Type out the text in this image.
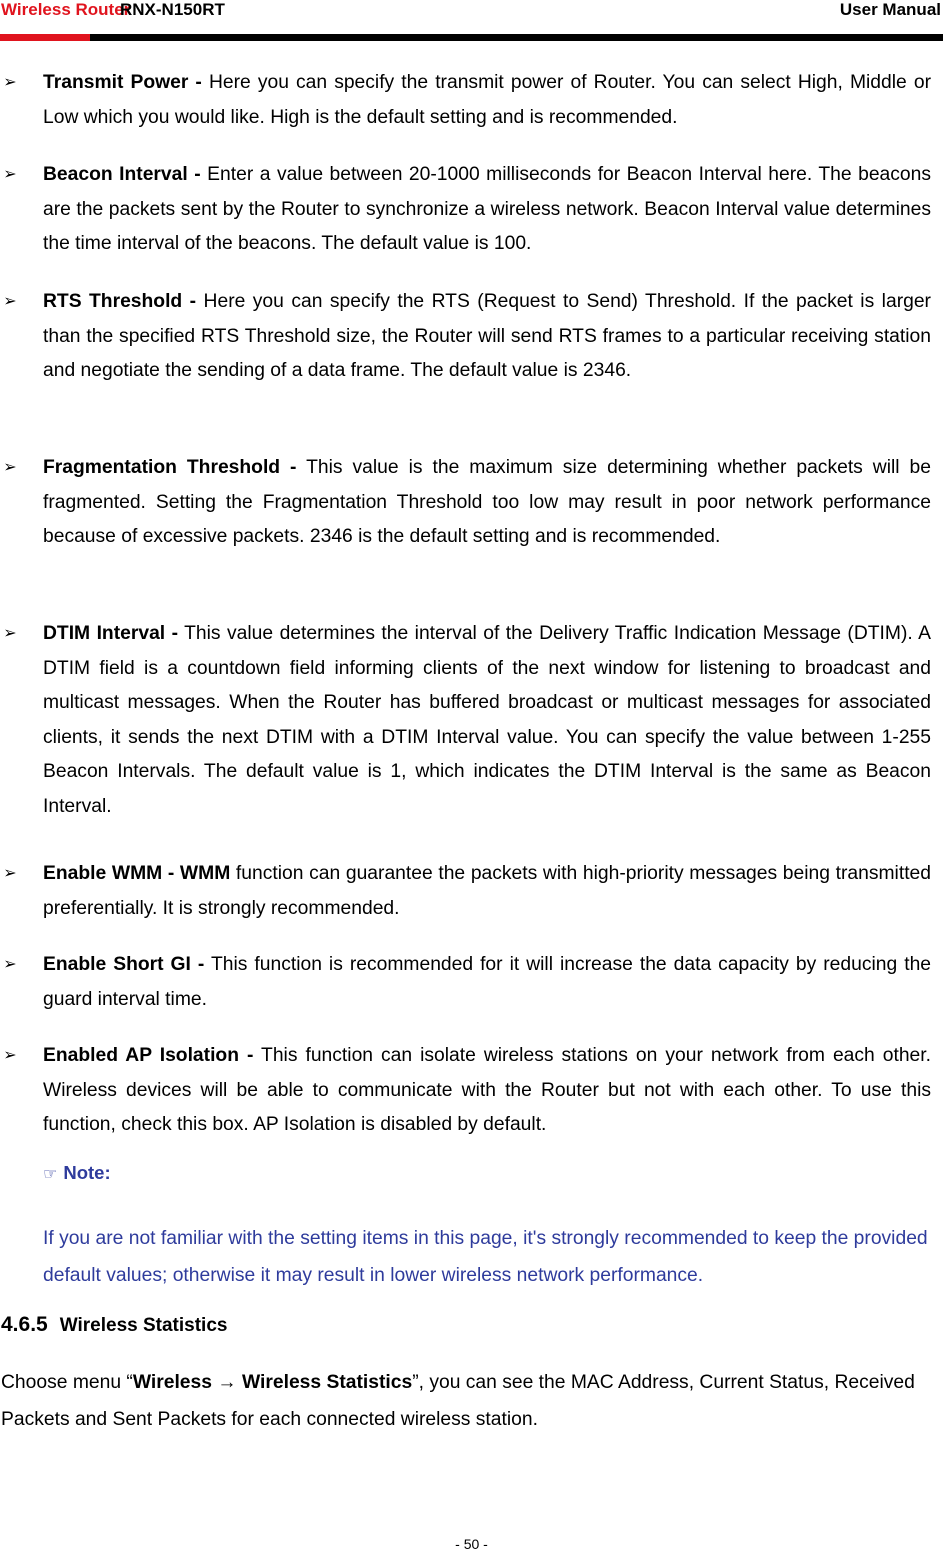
Wireless Router
RNX-N150RT	User Manual
➢ Transmit Power - Here you can specify the transmit power of Router. You can select High, Middle or Low which you would like. High is the default setting and is recommended.
➢ Beacon Interval - Enter a value between 20-1000 milliseconds for Beacon Interval here. The beacons are the packets sent by the Router to synchronize a wireless network. Beacon Interval value determines the time interval of the beacons. The default value is 100.
➢ RTS Threshold - Here you can specify the RTS (Request to Send) Threshold. If the packet is larger than the specified RTS Threshold size, the Router will send RTS frames to a particular receiving station and negotiate the sending of a data frame. The default value is 2346.
➢ Fragmentation Threshold - This value is the maximum size determining whether packets will be fragmented. Setting the Fragmentation Threshold too low may result in poor network performance because of excessive packets. 2346 is the default setting and is recommended.
➢ DTIM Interval - This value determines the interval of the Delivery Traffic Indication Message (DTIM). A DTIM field is a countdown field informing clients of the next window for listening to broadcast and multicast messages. When the Router has buffered broadcast or multicast messages for associated clients, it sends the next DTIM with a DTIM Interval value. You can specify the value between 1-255 Beacon Intervals. The default value is 1, which indicates the DTIM Interval is the same as Beacon Interval.
➢ Enable WMM - WMM function can guarantee the packets with high-priority messages being transmitted preferentially. It is strongly recommended.
➢ Enable Short GI - This function is recommended for it will increase the data capacity by reducing the guard interval time.
➢ Enabled AP Isolation - This function can isolate wireless stations on your network from each other. Wireless devices will be able to communicate with the Router but not with each other. To use this function, check this box. AP Isolation is disabled by default.
☞ Note:
If you are not familiar with the setting items in this page, it's strongly recommended to keep the provided default values; otherwise it may result in lower wireless network performance.
4.6.5 Wireless Statistics
Choose menu “Wireless → Wireless Statistics”, you can see the MAC Address, Current Status, Received Packets and Sent Packets for each connected wireless station.
- 50 -
